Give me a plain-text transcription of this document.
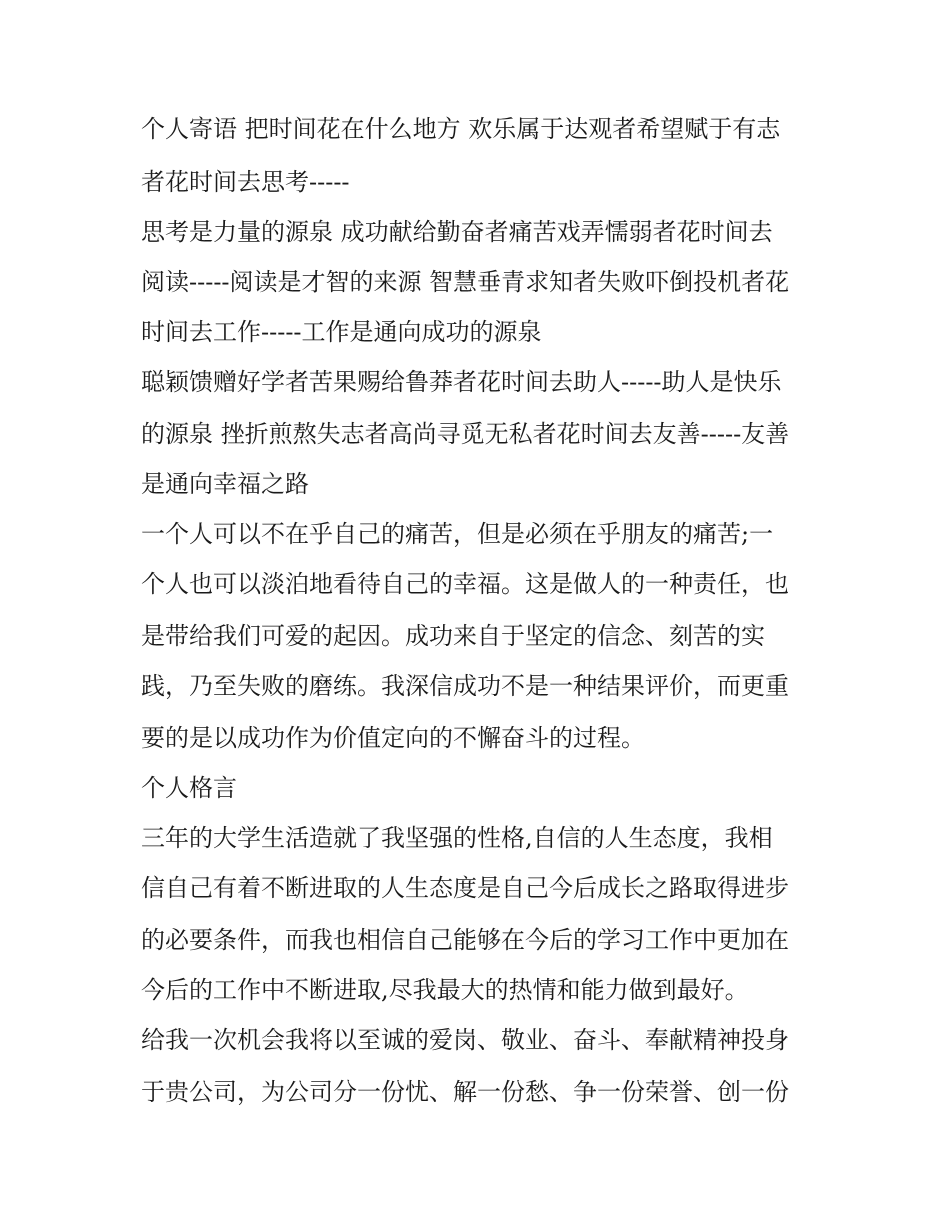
个人寄语 把时间花在什么地方 欢乐属于达观者希望赋于有志

者花时间去思考-----

思考是力量的源泉 成功献给勤奋者痛苦戏弄懦弱者花时间去

阅读-----阅读是才智的来源 智慧垂青求知者失败吓倒投机者花

时间去工作-----工作是通向成功的源泉

聪颖馈赠好学者苦果赐给鲁莽者花时间去助人-----助人是快乐

的源泉 挫折煎熬失志者高尚寻觅无私者花时间去友善-----友善

是通向幸福之路

一个人可以不在乎自己的痛苦，但是必须在乎朋友的痛苦;一

个人也可以淡泊地看待自己的幸福。这是做人的一种责任，也

是带给我们可爱的起因。成功来自于坚定的信念、刻苦的实

践，乃至失败的磨练。我深信成功不是一种结果评价，而更重

要的是以成功作为价值定向的不懈奋斗的过程。

个人格言

三年的大学生活造就了我坚强的性格,自信的人生态度，我相

信自己有着不断进取的人生态度是自己今后成长之路取得进步

的必要条件，而我也相信自己能够在今后的学习工作中更加在

今后的工作中不断进取,尽我最大的热情和能力做到最好。

给我一次机会我将以至诚的爱岗、敬业、奋斗、奉献精神投身

于贵公司，为公司分一份忧、解一份愁、争一份荣誉、创一份
